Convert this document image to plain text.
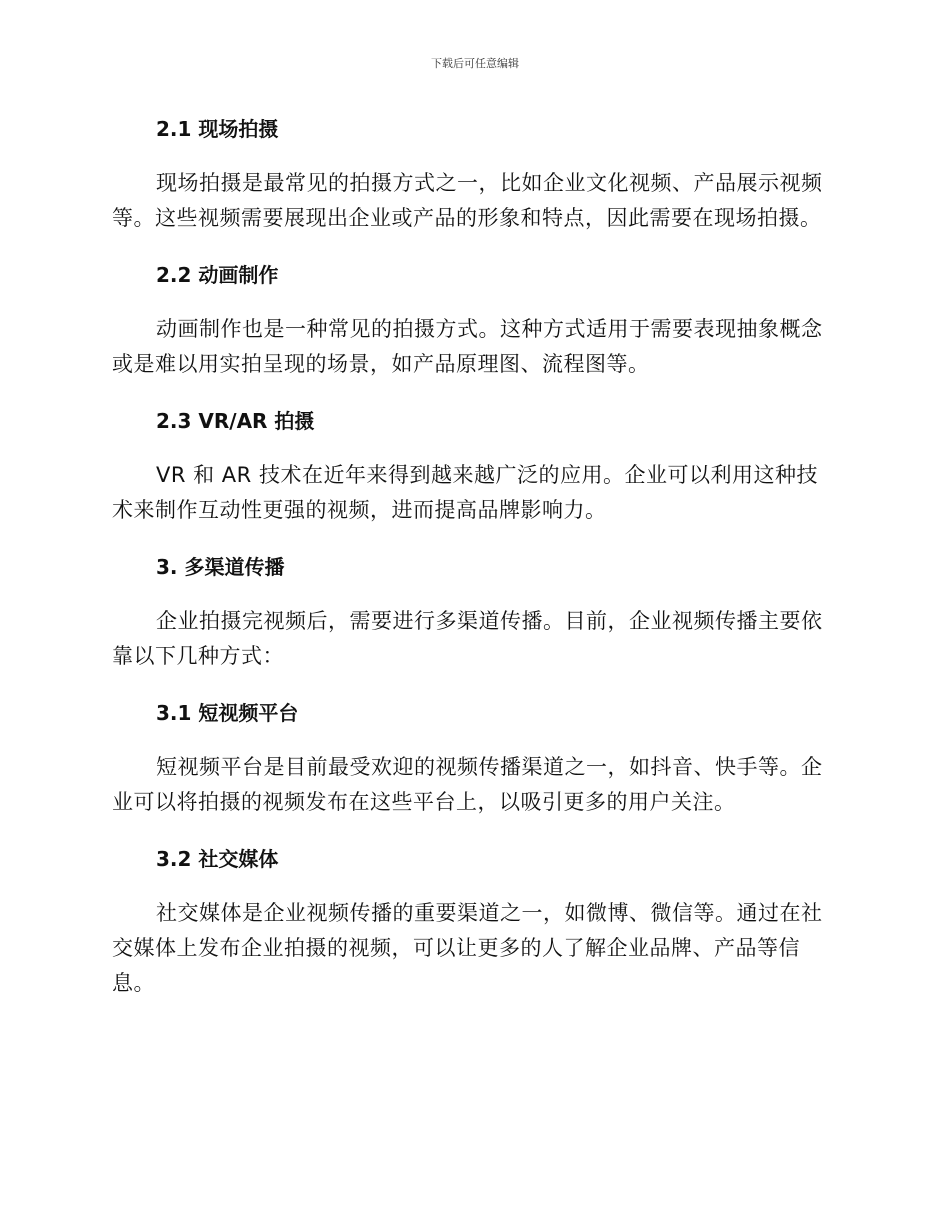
下载后可任意编辑
2.1 现场拍摄

现场拍摄是最常见的拍摄方式之一，比如企业文化视频、产品展示视频等。这些视频需要展现出企业或产品的形象和特点，因此需要在现场拍摄。

2.2 动画制作

动画制作也是一种常见的拍摄方式。这种方式适用于需要表现抽象概念或是难以用实拍呈现的场景，如产品原理图、流程图等。

2.3 VR/AR 拍摄

VR 和 AR 技术在近年来得到越来越广泛的应用。企业可以利用这种技术来制作互动性更强的视频，进而提高品牌影响力。

3. 多渠道传播

企业拍摄完视频后，需要进行多渠道传播。目前，企业视频传播主要依靠以下几种方式：

3.1 短视频平台

短视频平台是目前最受欢迎的视频传播渠道之一，如抖音、快手等。企业可以将拍摄的视频发布在这些平台上，以吸引更多的用户关注。

3.2 社交媒体

社交媒体是企业视频传播的重要渠道之一，如微博、微信等。通过在社交媒体上发布企业拍摄的视频，可以让更多的人了解企业品牌、产品等信息。
